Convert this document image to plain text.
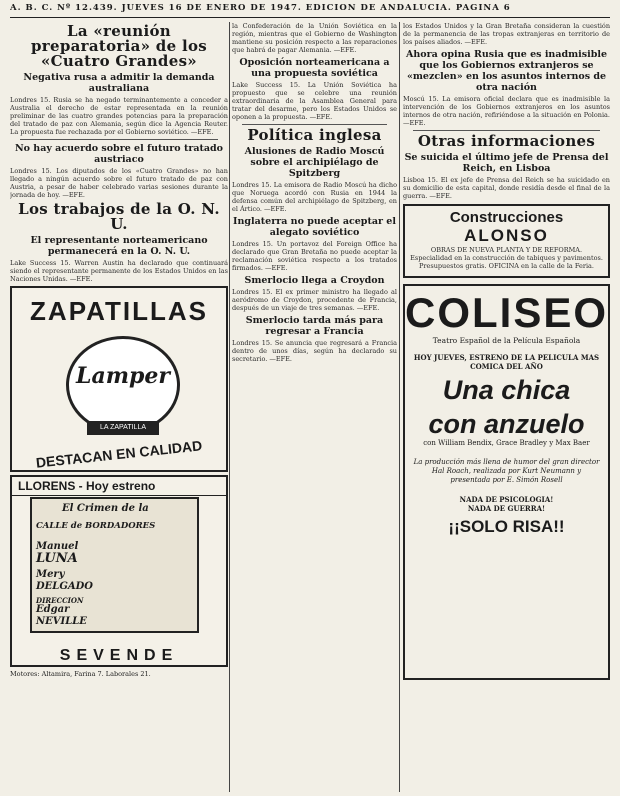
A. B. C. Nº 12.439. JUEVES 16 DE ENERO DE 1947. EDICION DE ANDALUCIA. PAGINA 6
La «reunión preparatoria» de los «Cuatro Grandes»
Negativa rusa a admitir la demanda australiana

Londres 15. Rusia se ha negado terminantemente a conceder a Australia el derecho de estar representada en la reunión preliminar de las cuatro grandes potencias para la preparación del tratado de paz con Alemania, según dice la Agencia Reuter. La propuesta fue rechazada por el Gobierno soviético. —EFE.

No hay acuerdo sobre el futuro tratado austriaco

Londres 15. Los diputados de los «Cuatro Grandes» no han llegado a ningún acuerdo sobre el futuro tratado de paz con Austria, a pesar de haber celebrado varias sesiones durante la jornada de hoy. —EFE.

Los trabajos de la O. N. U.
El representante norteamericano permanecerá en la O. N. U.

Lake Success 15. Warren Austin ha declarado que continuará siendo el representante permanente de los Estados Unidos en las Naciones Unidas. —EFE.

ZAPATILLAS
Lamper
LA ZAPATILLA
DESTACAN EN CALIDAD
LLORENS - Hoy estreno
El Crimen de la
CALLE de BORDADORES
Manuel
LUNA
Mery
DELGADO
DIRECCION
Edgar
NEVILLE
SEVENDE
Motores: Altamira, Farina 7. Laborales 21.

la Confederación de la Unión Soviética en la región, mientras que el Gobierno de Washington mantiene su posición respecto a las reparaciones que habrá de pagar Alemania. —EFE.

Oposición norteamericana a una propuesta soviética

Lake Success 15. La Unión Soviética ha propuesto que se celebre una reunión extraordinaria de la Asamblea General para tratar del desarme, pero los Estados Unidos se oponen a la propuesta. —EFE.

Política inglesa
Alusiones de Radio Moscú sobre el archipiélago de Spitzberg

Londres 15. La emisora de Radio Moscú ha dicho que Noruega acordó con Rusia en 1944 la defensa común del archipiélago de Spitzberg, en el Ártico. —EFE.

Inglaterra no puede aceptar el alegato soviético

Londres 15. Un portavoz del Foreign Office ha declarado que Gran Bretaña no puede aceptar la reclamación soviética respecto a los tratados firmados. —EFE.

Smerlocio llega a Croydon

Londres 15. El ex primer ministro ha llegado al aeródromo de Croydon, procedente de Francia, después de un viaje de tres semanas. —EFE.

Smerlocio tarda más para regresar a Francia

Londres 15. Se anuncia que regresará a Francia dentro de unos días, según ha declarado su secretario. —EFE.

los Estados Unidos y la Gran Bretaña consideran la cuestión de la permanencia de las tropas extranjeras en territorio de los países aliados. —EFE.

Ahora opina Rusia que es inadmisible que los Gobiernos extranjeros se «mezclen» en los asuntos internos de otra nación

Moscú 15. La emisora oficial declara que es inadmisible la intervención de los Gobiernos extranjeros en los asuntos internos de otra nación, refiriéndose a la situación en Polonia. —EFE.

Otras informaciones
Se suicida el último jefe de Prensa del Reich, en Lisboa

Lisboa 15. El ex jefe de Prensa del Reich se ha suicidado en su domicilio de esta capital, donde residía desde el final de la guerra. —EFE.

Construcciones
ALONSO

OBRAS DE NUEVA PLANTA Y DE REFORMA. Especialidad en la construcción de tabiques y pavimentos. Presupuestos gratis. OFICINA en la calle de la Feria.

COLISEO
Teatro Español de la Película Española
HOY JUEVES, ESTRENO DE LA PELICULA MAS COMICA DEL AÑO
Una chica
con anzuelo
con William Bendix, Grace Bradley y Max Baer
La producción más llena de humor del gran director Hal Roach, realizada por Kurt Neumann y presentada por E. Simón Rosell
NADA DE PSICOLOGIA!
NADA DE GUERRA!
¡¡SOLO RISA!!
